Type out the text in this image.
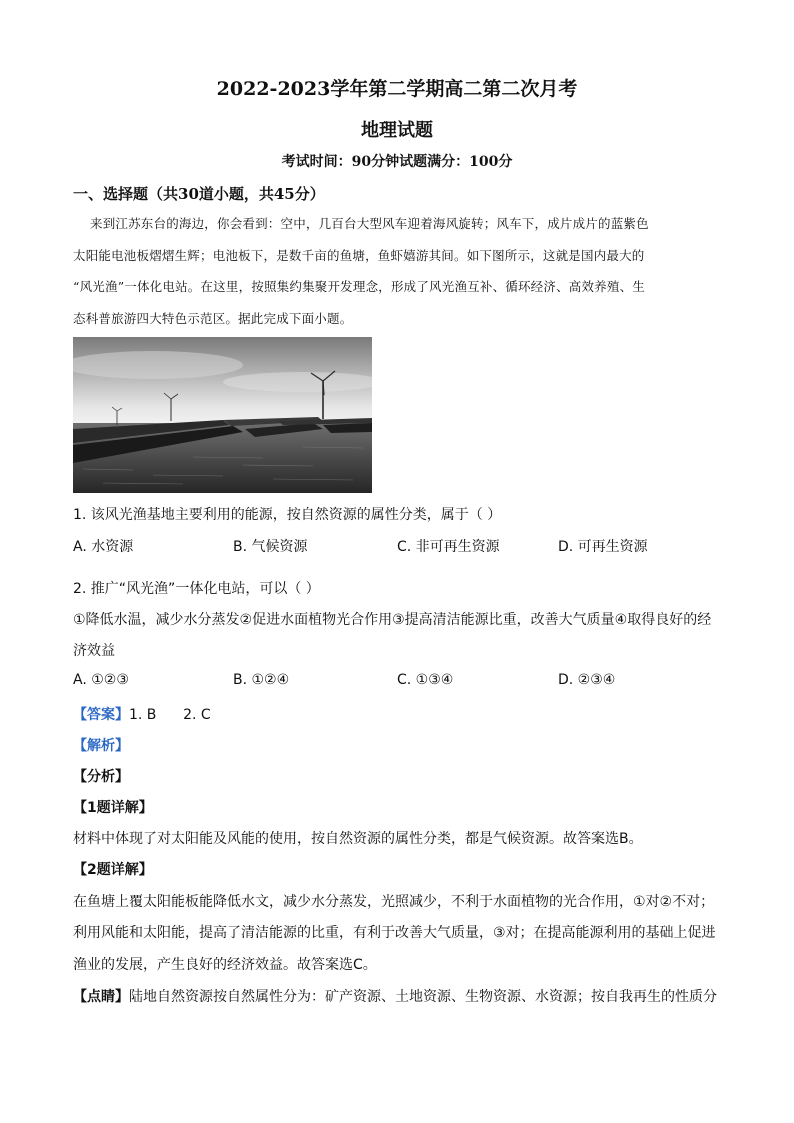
2022-2023学年第二学期高二第二次月考
地理试题
考试时间：90分钟试题满分：100分
一、选择题（共30道小题，共45分）
来到江苏东台的海边，你会看到：空中，几百台大型风车迎着海风旋转；风车下，成片成片的蓝紫色
太阳能电池板熠熠生辉；电池板下，是数千亩的鱼塘，鱼虾嬉游其间。如下图所示，这就是国内最大的
“风光渔”一体化电站。在这里，按照集约集聚开发理念，形成了风光渔互补、循环经济、高效养殖、生
态科普旅游四大特色示范区。据此完成下面小题。
1. 该风光渔基地主要利用的能源，按自然资源的属性分类，属于（ ）
A. 水资源	B. 气候资源	C. 非可再生资源	D. 可再生资源
2. 推广“风光渔”一体化电站，可以（ ）
①降低水温，减少水分蒸发②促进水面植物光合作用③提高清洁能源比重，改善大气质量④取得良好的经
济效益
A. ①②③	B. ①②④	C. ①③④	D. ②③④
【答案】1. B      2. C
【解析】
【分析】
【1题详解】
材料中体现了对太阳能及风能的使用，按自然资源的属性分类，都是气候资源。故答案选B。
【2题详解】
在鱼塘上覆太阳能板能降低水文，减少水分蒸发，光照减少，不利于水面植物的光合作用，①对②不对；
利用风能和太阳能，提高了清洁能源的比重，有利于改善大气质量，③对；在提高能源利用的基础上促进
渔业的发展，产生良好的经济效益。故答案选C。
【点睛】陆地自然资源按自然属性分为：矿产资源、土地资源、生物资源、水资源；按自我再生的性质分
